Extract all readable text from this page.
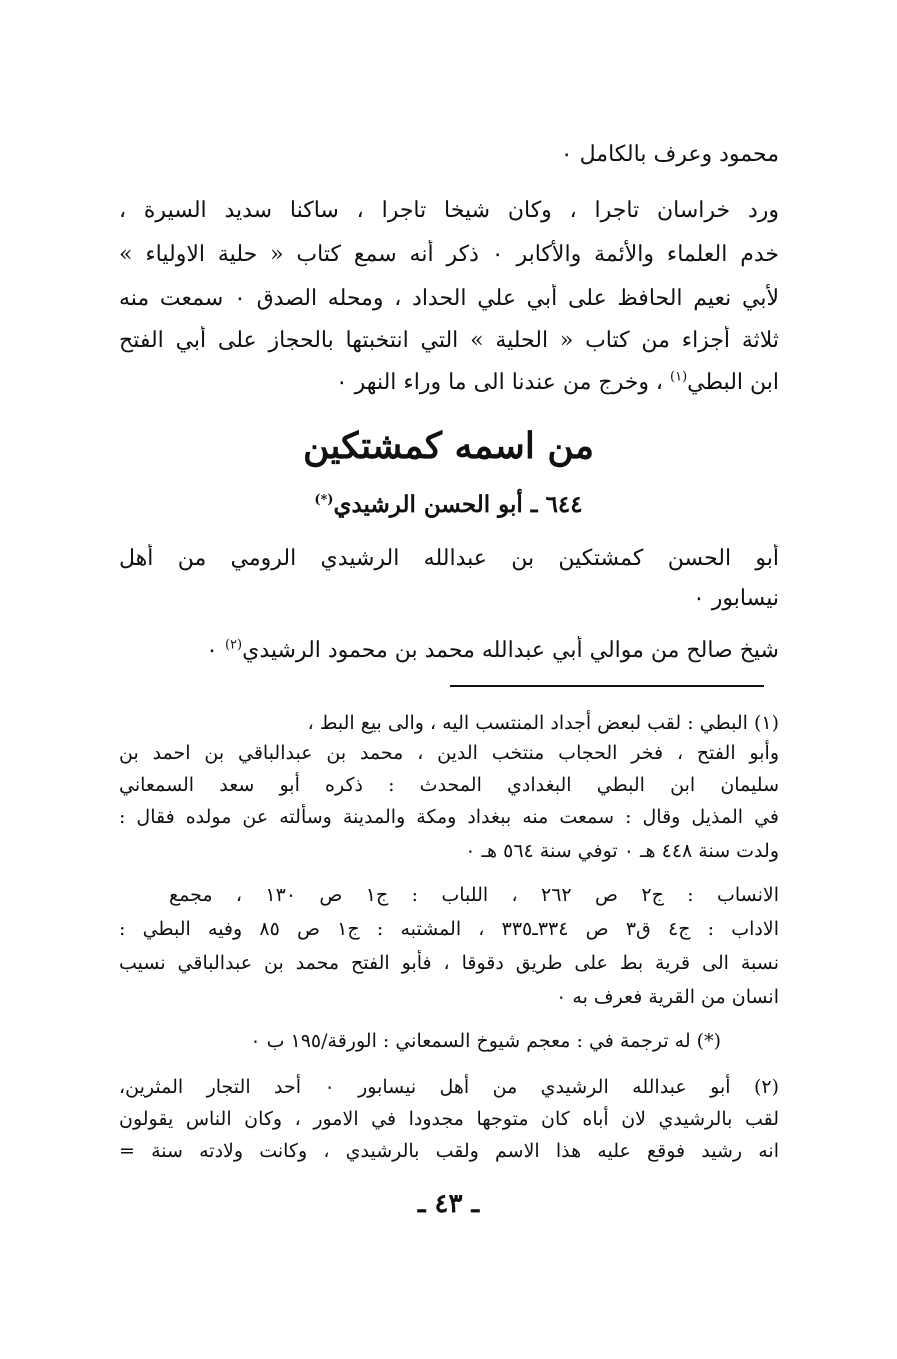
محمود وعرف بالكامل ٠
ورد خراسان تاجرا ، وكان شيخا تاجرا ، ساكنا سديد السيرة ،
خدم العلماء والأئمة والأكابر ٠ ذكر أنه سمع كتاب « حلية الاولياء »
لأبي نعيم الحافظ على أبي علي الحداد ، ومحله الصدق ٠ سمعت منه
ثلاثة أجزاء من كتاب « الحلية » التي انتخبتها بالحجاز على أبي الفتح
ابن البطي$^{(١)}$ ، وخرج من عندنا الى ما وراء النهر ٠
من اسمه كمشتكين
٦٤٤ ـ أبو الحسن الرشيدي(*)
أبو الحسن كمشتكين بن عبدالله الرشيدي الرومي من أهل
نيسابور ٠
شيخ صالح من موالي أبي عبدالله محمد بن محمود الرشيدي$^{(٢)}$ ٠
(١) البطي : لقب لبعض أجداد المنتسب اليه ، والى بيع البط ،
وأبو الفتح ، فخر الحجاب منتخب الدين ، محمد بن عبدالباقي بن احمد بن
سليمان ابن البطي البغدادي المحدث : ذكره أبو سعد السمعاني
في المذيل وقال : سمعت منه ببغداد ومكة والمدينة وسألته عن مولده فقال :
ولدت سنة ٤٤٨ هـ ٠ توفي سنة ٥٦٤ هـ ٠
الانساب : ج٢ ص ٢٦٢ ، اللباب : ج١ ص ١٣٠ ، مجمع
الاداب : ج٤ ق٣ ص ٣٣٤ـ٣٣٥ ، المشتبه : ج١ ص ٨٥ وفيه البطي :
نسبة الى قرية بط على طريق دقوقا ، فأبو الفتح محمد بن عبدالباقي نسيب
انسان من القرية فعرف به ٠
(*) له ترجمة في : معجم شيوخ السمعاني : الورقة/١٩٥ ب ٠
(٢) أبو عبدالله الرشيدي من أهل نيسابور ٠ أحد التجار المثرين،
لقب بالرشيدي لان أباه كان متوجها مجدودا في الامور ، وكان الناس يقولون
انه رشيد فوقع عليه هذا الاسم ولقب بالرشيدي ، وكانت ولادته سنة =
ـ ٤٣ ـ
